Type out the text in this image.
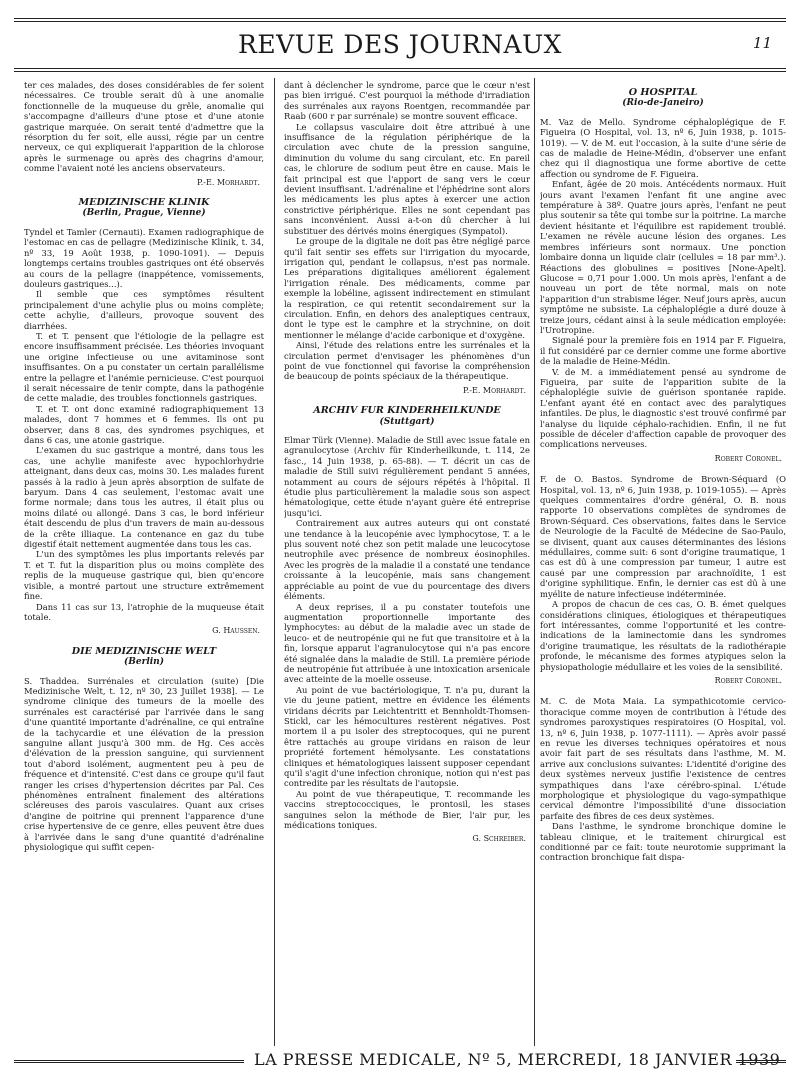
REVUE DES JOURNAUX	11

ter ces malades, des doses considérables de fer soient nécessaires. Ce trouble serait dû à une anomalie fonctionnelle de la muqueuse du grêle, anomalie qui s'accompagne d'ailleurs d'une ptose et d'une atonie gastrique marquée. On serait tenté d'admettre que la résorption du fer soit, elle aussi, régie par un centre nerveux, ce qui expliquerait l'apparition de la chlorose après le surmenage ou après des chagrins d'amour, comme l'avaient noté les anciens observateurs.

P.-E. Morhardt.
MEDIZINISCHE KLINIK
(Berlin, Prague, Vienne)

Tyndel et Tamler (Cernauti). Examen radiographique de l'estomac en cas de pellagre (Medizinische Klinik, t. 34, nº 33, 19 Août 1938, p. 1090-1091). — Depuis longtemps certains troubles gastriques ont été observés au cours de la pellagre (inappétence, vomissements, douleurs gastriques...).

Il semble que ces symptômes résultent principalement d'une achylie plus ou moins complète; cette achylie, d'ailleurs, provoque souvent des diarrhées.

T. et T. pensent que l'étiologie de la pellagre est encore insuffisamment précisée. Les théories invoquant une origine infectieuse ou une avitaminose sont insuffisantes. On a pu constater un certain parallélisme entre la pellagre et l'anémie pernicieuse. C'est pourquoi il serait nécessaire de tenir compte, dans la pathogénie de cette maladie, des troubles fonctionnels gastriques.

T. et T. ont donc examiné radiographiquement 13 malades, dont 7 hommes et 6 femmes. Ils ont pu observer, dans 8 cas, des syndromes psychiques, et dans 6 cas, une atonie gastrique.

L'examen du suc gastrique a montré, dans tous les cas, une achylie manifeste avec hypochlorhydrie atteignant, dans deux cas, moins 30. Les malades furent passés à la radio à jeun après absorption de sulfate de baryum. Dans 4 cas seulement, l'estomac avait une forme normale; dans tous les autres, il était plus ou moins dilaté ou allongé. Dans 3 cas, le bord inférieur était descendu de plus d'un travers de main au-dessous de la crête illiaque. La contenance en gaz du tube digestif était nettement augmentée dans tous les cas.

L'un des symptômes les plus importants relevés par T. et T. fut la disparition plus ou moins complète des replis de la muqueuse gastrique qui, bien qu'encore visible, a montré partout une structure extrêmement fine.

Dans 11 cas sur 13, l'atrophie de la muqueuse était totale.

G. Haussen.
DIE MEDIZINISCHE WELT
(Berlin)

S. Thaddea. Surrénales et circulation (suite) [Die Medizinische Welt, t. 12, nº 30, 23 Juillet 1938]. — Le syndrome clinique des tumeurs de la moelle des surrénales est caractérisé par l'arrivée dans le sang d'une quantité importante d'adrénaline, ce qui entraîne de la tachycardie et une élévation de la pression sanguine allant jusqu'à 300 mm. de Hg. Ces accès d'élévation de la pression sanguine, qui surviennent tout d'abord isolément, augmentent peu à peu de fréquence et d'intensité. C'est dans ce groupe qu'il faut ranger les crises d'hypertension décrites par Pal. Ces phénomènes entraînent finalement des altérations scléreuses des parois vasculaires. Quant aux crises d'angine de poitrine qui prennent l'apparence d'une crise hypertensive de ce genre, elles peuvent être dues à l'arrivée dans le sang d'une quantité d'adrénaline physiologique qui suffit cepen-

dant à déclencher le syndrome, parce que le cœur n'est pas bien irrigué. C'est pourquoi la méthode d'irradiation des surrénales aux rayons Roentgen, recommandée par Raab (600 r par surrénale) se montre souvent efficace.

Le collapsus vasculaire doit être attribué à une insuffisance de la régulation périphérique de la circulation avec chute de la pression sanguine, diminution du volume du sang circulant, etc. En pareil cas, le chlorure de sodium peut être en cause. Mais le fait principal est que l'apport de sang vers le cœur devient insuffisant. L'adrénaline et l'éphédrine sont alors les médicaments les plus aptes à exercer une action constrictive périphérique. Elles ne sont cependant pas sans inconvénient. Aussi a-t-on dû chercher à lui substituer des dérivés moins énergiques (Sympatol).

Le groupe de la digitale ne doit pas être négligé parce qu'il fait sentir ses effets sur l'irrigation du myocarde, irrigation qui, pendant le collapsus, n'est pas normale. Les préparations digitaliques améliorent également l'irrigation rénale. Des médicaments, comme par exemple la lobéline, agissent indirectement en stimulant la respiration, ce qui retentit secondairement sur la circulation. Enfin, en dehors des analeptiques centraux, dont le type est le camphre et la strychnine, on doit mentionner le mélange d'acide carbonique et d'oxygène.

Ainsi, l'étude des relations entre les surrénales et la circulation permet d'envisager les phénomènes d'un point de vue fonctionnel qui favorise la compréhension de beaucoup de points spéciaux de la thérapeutique.

P.-E. Morhardt.
ARCHIV FUR KINDERHEILKUNDE
(Stuttgart)

Elmar Türk (Vienne). Maladie de Still avec issue fatale en agranulocytose (Archiv für Kinderheilkunde, t. 114, 2e fasc., 14 Juin 1938, p. 65-88). — T. décrit un cas de maladie de Still suivi régulièrement pendant 5 années, notamment au cours de séjours répétés à l'hôpital. Il étudie plus particulièrement la maladie sous son aspect hématologique, cette étude n'ayant guère été entreprise jusqu'ici.

Contrairement aux autres auteurs qui ont constaté une tendance à la leucopénie avec lymphocytose, T. a le plus souvent noté chez son petit malade une leucocytose neutrophile avec présence de nombreux éosinophiles. Avec les progrès de la maladie il a constaté une tendance croissante à la leucopénie, mais sans changement appréciable au point de vue du pourcentage des divers éléments.

A deux reprises, il a pu constater toutefois une augmentation proportionnelle importante des lymphocytes: au début de la maladie avec un stade de leuco- et de neutropénie qui ne fut que transitoire et à la fin, lorsque apparut l'agranulocytose qui n'a pas encore été signalée dans la maladie de Still. La première période de neutropénie fut attribuée à une intoxication arsenicale avec atteinte de la moelle osseuse.

Au point de vue bactériologique, T. n'a pu, durant la vie du jeune patient, mettre en évidence les éléments viridans décrits par Leichtentritt et Bennholdt-Thomsen-Stickl, car les hémocultures restèrent négatives. Post mortem il a pu isoler des streptocoques, qui ne purent être rattachés au groupe viridans en raison de leur propriété fortement hémolysante. Les constatations cliniques et hématologiques laissent supposer cependant qu'il s'agit d'une infection chronique, notion qui n'est pas contredite par les résultats de l'autopsie.

Au point de vue thérapeutique, T. recommande les vaccins streptococciques, le prontosil, les stases sanguines selon la méthode de Bier, l'air pur, les médications toniques.

G. Schreiber.
O HOSPITAL
(Rio-de-Janeiro)

M. Vaz de Mello. Syndrome céphaloplégique de F. Figueira (O Hospital, vol. 13, nº 6, Juin 1938, p. 1015-1019). — V. de M. eut l'occasion, à la suite d'une série de cas de maladie de Heine-Médin, d'observer une enfant chez qui il diagnostiqua une forme abortive de cette affection ou syndrome de F. Figueira.

Enfant, âgée de 20 mois. Antécédents normaux. Huit jours avant l'examen l'enfant fit une angine avec température à 38º. Quatre jours après, l'enfant ne peut plus soutenir sa tête qui tombe sur la poitrine. La marche devient hésitante et l'équilibre est rapidement troublé. L'examen ne révèle aucune lésion des organes. Les membres inférieurs sont normaux. Une ponction lombaire donna un liquide clair (cellules = 18 par mm³.). Réactions des globulines = positives [None-Apelt]. Glucose = 0,71 pour 1.000. Un mois après, l'enfant a de nouveau un port de tête normal, mais on note l'apparition d'un strabisme léger. Neuf jours après, aucun symptôme ne subsiste. La céphaloplégie a duré douze à treize jours, cédant ainsi à la seule médication employée: l'Urotropine.

Signalé pour la première fois en 1914 par F. Figueira, il fut considéré par ce dernier comme une forme abortive de la maladie de Heine-Médin.

V. de M. a immédiatement pensé au syndrome de Figueira, par suite de l'apparition subite de la céphaloplégie suivie de guérison spontanée rapide. L'enfant ayant été en contact avec des paralytiques infantiles. De plus, le diagnostic s'est trouvé confirmé par l'analyse du liquide céphalo-rachidien. Enfin, il ne fut possible de déceler d'affection capable de provoquer des complications nerveuses.

Robert Coronel.

F. de O. Bastos. Syndrome de Brown-Séquard (O Hospital, vol. 13, nº 6, Juin 1938, p. 1019-1055). — Après quelques commentaires d'ordre général, O. B. nous rapporte 10 observations complètes de syndromes de Brown-Séquard. Ces observations, faites dans le Service de Neurologie de la Faculté de Médecine de Sao-Paulo, se divisent, quant aux causes déterminantes des lésions médullaires, comme suit: 6 sont d'origine traumatique, 1 cas est dû à une compression par tumeur, 1 autre est causé par une compression par arachnoïdite, 1 est d'origine syphilitique. Enfin, le dernier cas est dû à une myélite de nature infectieuse indéterminée.

A propos de chacun de ces cas, O. B. émet quelques considérations cliniques, étiologiques et thérapeutiques fort intéressantes, comme l'opportunité et les contre-indications de la laminectomie dans les syndromes d'origine traumatique, les résultats de la radiothérapie profonde, le mécanisme des formes atypiques selon la physiopathologie médullaire et les voies de la sensibilité.

Robert Coronel.

M. C. de Mota Maia. La sympathicotomie cervico-thoracique comme moyen de contribution à l'étude des syndromes paroxystiques respiratoires (O Hospital, vol. 13, nº 6, Juin 1938, p. 1077-1111). — Après avoir passé en revue les diverses techniques opératoires et nous avoir fait part de ses résultats dans l'asthme, M. M. arrive aux conclusions suivantes: L'identité d'origine des deux systèmes nerveux justifie l'existence de centres sympathiques dans l'axe cérébro-spinal. L'étude morphologique et physiologique du vago-sympathique cervical démontre l'impossibilité d'une dissociation parfaite des fibres de ces deux systèmes.

Dans l'asthme, le syndrome bronchique domine le tableau clinique, et le traitement chirurgical est conditionné par ce fait: toute neurotomie supprimant la contraction bronchique fait dispa-

LA PRESSE MEDICALE, Nº 5, MERCREDI, 18 JANVIER 1939
